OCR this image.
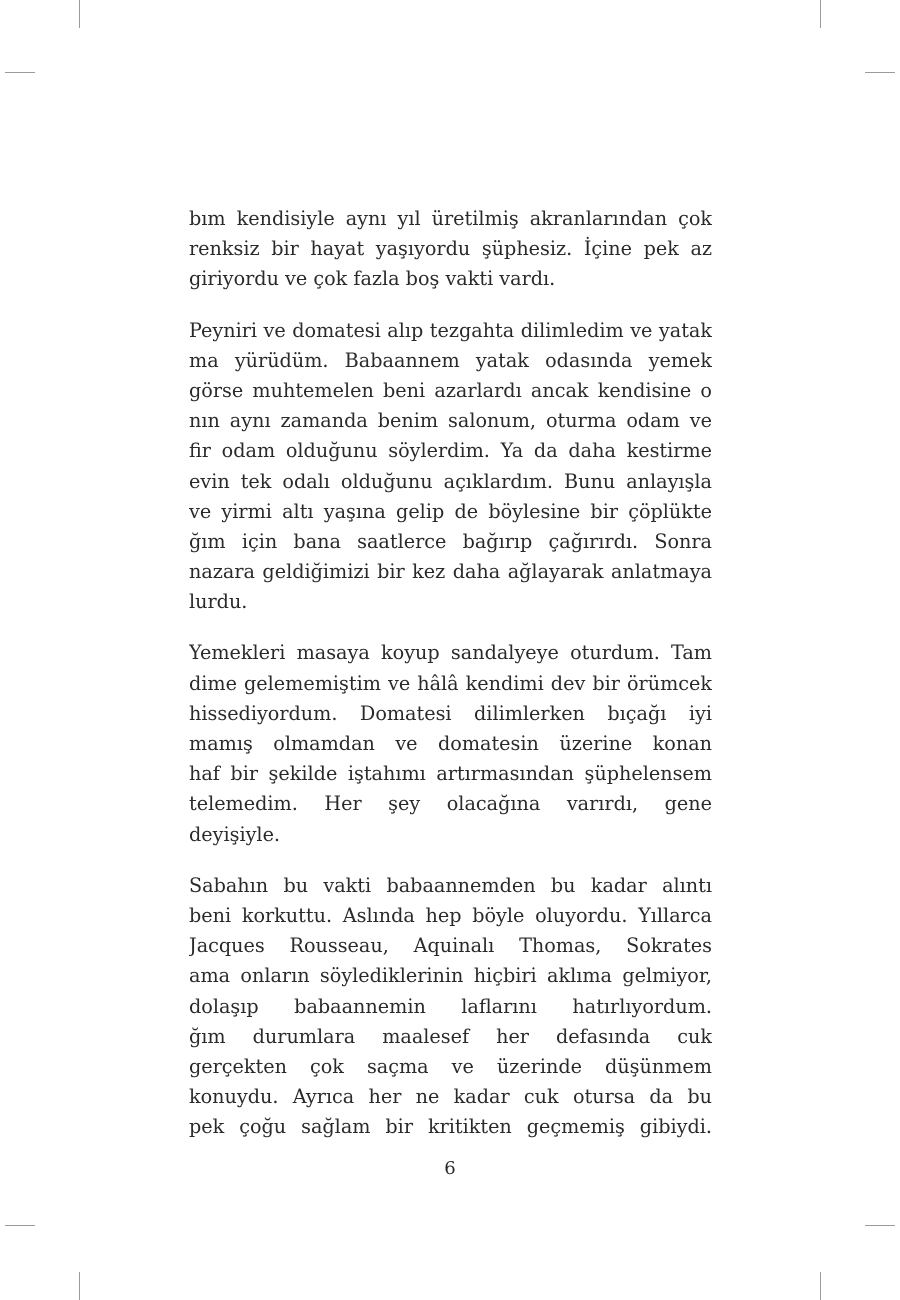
bım kendisiyle aynı yıl üretilmiş akranlarından çok
renksiz bir hayat yaşıyordu şüphesiz. İçine pek az
giriyordu ve çok fazla boş vakti vardı.
Peyniri ve domatesi alıp tezgahta dilimledim ve yatak
ma yürüdüm. Babaannem yatak odasında yemek
görse muhtemelen beni azarlardı ancak kendisine o
nın aynı zamanda benim salonum, oturma odam ve
fir odam olduğunu söylerdim. Ya da daha kestirme
evin tek odalı olduğunu açıklardım. Bunu anlayışla
ve yirmi altı yaşına gelip de böylesine bir çöplükte
ğım için bana saatlerce bağırıp çağırırdı. Sonra
nazara geldiğimizi bir kez daha ağlayarak anlatmaya
lurdu.
Yemekleri masaya koyup sandalyeye oturdum. Tam
dime gelememiştim ve hâlâ kendimi dev bir örümcek
hissediyordum. Domatesi dilimlerken bıçağı iyi
mamış olmamdan ve domatesin üzerine konan
haf bir şekilde iştahımı artırmasından şüphelensem
telemedim. Her şey olacağına varırdı, gene
deyişiyle.
Sabahın bu vakti babaannemden bu kadar alıntı
beni korkuttu. Aslında hep böyle oluyordu. Yıllarca
Jacques Rousseau, Aquinalı Thomas, Sokrates
ama onların söylediklerinin hiçbiri aklıma gelmiyor,
dolaşıp babaannemin laflarını hatırlıyordum.
ğım durumlara maalesef her defasında cuk
gerçekten çok saçma ve üzerinde düşünmem
konuydu. Ayrıca her ne kadar cuk otursa da bu
pek çoğu sağlam bir kritikten geçmemiş gibiydi.
6
